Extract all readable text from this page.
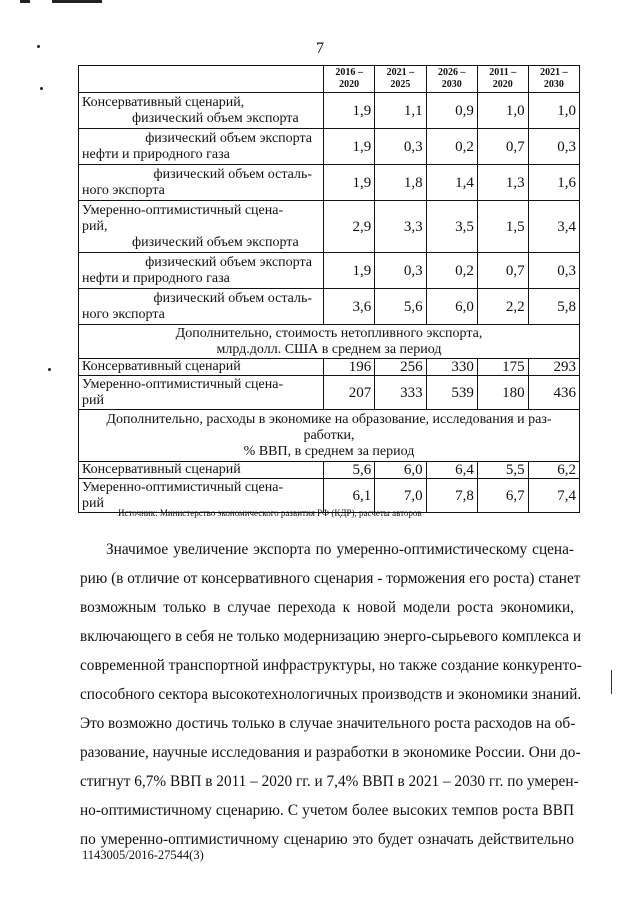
7
	2016 – 2020	2021 – 2025	2026 – 2030	2011 – 2020	2021 – 2030

Консервативный сценарий,
физический объем экспорта	1,9	1,1	0,9	1,0	1,0

физический объем экспорта
нефти и природного газа	1,9	0,3	0,2	0,7	0,3

физический объем осталь-
ного экспорта	1,9	1,8	1,4	1,3	1,6

Умеренно-оптимистичный сцена-
рий,
физический объем экспорта	2,9	3,3	3,5	1,5	3,4

физический объем экспорта
нефти и природного газа	1,9	0,3	0,2	0,7	0,3

физический объем осталь-
ного экспорта	3,6	5,6	6,0	2,2	5,8

Дополнительно, стоимость нетопливного экспорта,
млрд.долл. США в среднем за период					

Консервативный сценарий	196	256	330	175	293

Умеренно-оптимистичный сцена-
рий	207	333	539	180	436

Дополнительно, расходы в экономике на образование, исследования и раз-
работки,
% ВВП, в среднем за период					

Консервативный сценарий	5,6	6,0	6,4	5,5	6,2

Умеренно-оптимистичный сцена-
рий	6,1	7,0	7,8	6,7	7,4
Источник: Министерство экономического развития РФ (КДР), расчеты авторов
Значимое увеличение экспорта по умеренно-оптимистическому сцена-
рию (в отличие от консервативного сценария - торможения его роста) станет
возможным только в случае перехода к новой модели роста экономики,
включающего в себя не только модернизацию энерго-сырьевого комплекса и
современной транспортной инфраструктуры, но также создание конкуренто-
способного сектора высокотехнологичных производств и экономики знаний.
Это возможно достичь только в случае значительного роста расходов на об-
разование, научные исследования и разработки в экономике России. Они до-
стигнут 6,7% ВВП в 2011 – 2020 гг. и 7,4% ВВП в 2021 – 2030 гг. по умерен-
но-оптимистичному сценарию. С учетом более высоких темпов роста ВВП
по умеренно-оптимистичному сценарию это будет означать действительно
1143005/2016-27544(3)
